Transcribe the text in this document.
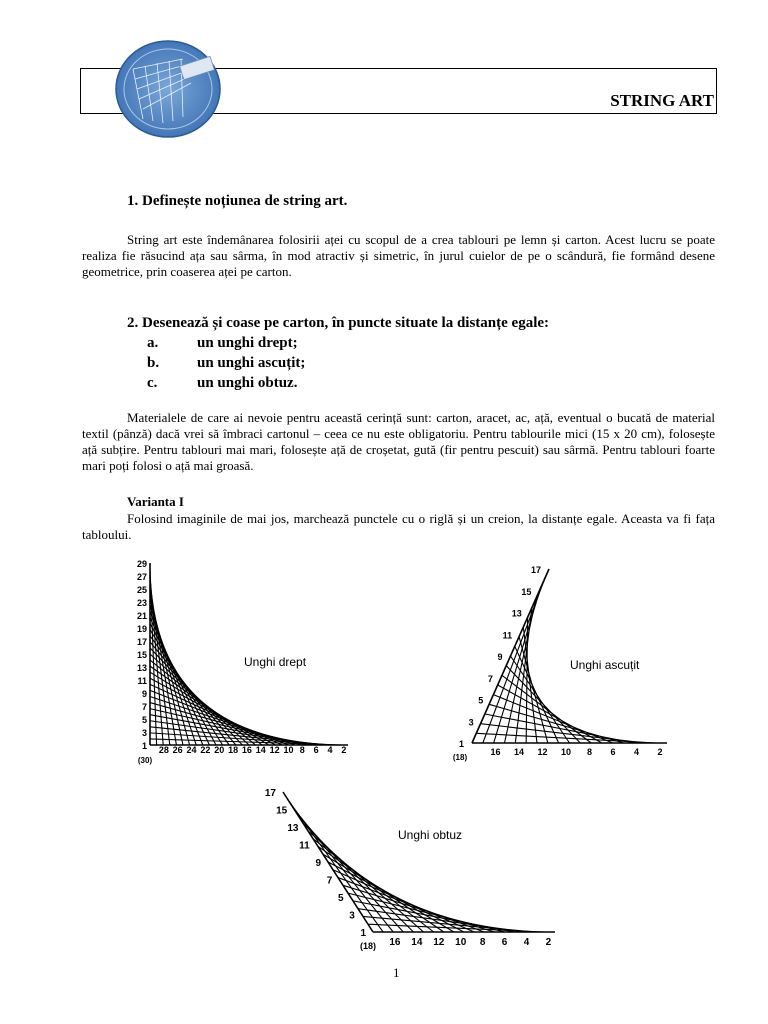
STRING ART
1. Definește noțiunea de string art.
String art este îndemânarea folosirii aței cu scopul de a crea tablouri pe lemn și carton. Acest lucru se poate realiza fie răsucind ața sau sârma, în mod atractiv și simetric, în jurul cuielor de pe o scândură, fie formând desene geometrice, prin coaserea aței pe carton.
2. Desenează și coase pe carton, în puncte situate la distanțe egale:
a.	un unghi drept;
b.	un unghi ascuțit;
c.	un unghi obtuz.
Materialele de care ai nevoie pentru această cerință sunt: carton, aracet, ac, ață, eventual o bucată de material textil (pânză) dacă vrei să îmbraci cartonul – ceea ce nu este obligatoriu. Pentru tablourile mici (15 x 20 cm), folosește ață subțire. Pentru tablouri mai mari, folosește ață de croșetat, gută (fir pentru pescuit) sau sârmă. Pentru tablouri foarte mari poți folosi o ață mai groasă.
Varianta I
Folosind imaginile de mai jos, marchează punctele cu o riglă și un creion, la distanțe egale. Aceasta va fi fața tabloului.
29
27
25
23
21
19
17
15
13
11
9
7
5
3
1 28 26 24 22 20 18 16 14 12 10 8 6 4 2
(30)
Unghi drept
17
15
13
11
9
7
5
3
1
16 14 12 10 8 6 4 2
(18)
Unghi ascuțit
17
15
13
11
9
7
5
3
1
16 14 12 10 8 6 4 2
(18)
Unghi obtuz
1
